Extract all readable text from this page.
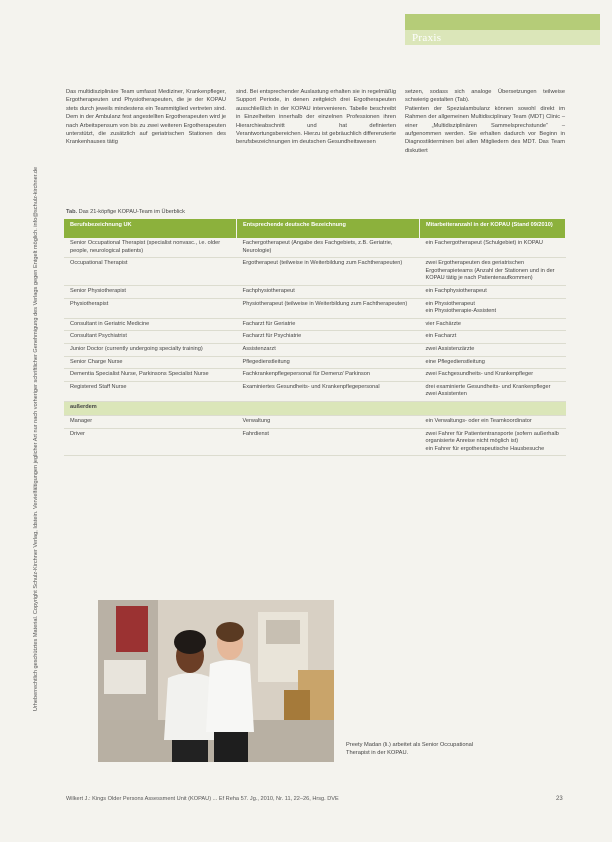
Urheberrechtlich geschütztes Material. Copyright Schulz-Kirchner Verlag, Idstein. Vervielfältigungen jeglicher Art nur nach vorheriger schriftlicher Genehmigung des Verlags gegen Entgelt möglich. info@schulz-kirchner.de
Praxis
Das multidisziplinäre Team umfasst Mediziner, Krankenpfleger, Ergotherapeuten und Physiotherapeuten, die je der KOPAU stets durch jeweils mindestens ein Teammitglied vertreten sind. Dem in der Ambulanz fest angestellten Ergotherapeuten wird je nach Arbeitspensum von bis zu zwei weiteren Ergotherapeuten unterstützt, die zusätzlich auf geriatrischen Stationen des Krankenhauses tätig
sind. Bei entsprechender Auslastung erhalten sie in regelmäßig Support Periode, in denen zeitgleich drei Ergotherapeuten ausschließlich in der KOPAU intervenieren. Tabelle beschreibt in Einzelheiten innerhalb der einzelnen Professionen ihren Hierarchieabschnitt und hat definierten Verantwortungsbereichen. Hierzu ist gebräuchlich differenzierte berufsbezeichnungen im deutschen Gesundheitswesen
setzen, sodass sich analoge Übersetzungen teilweise schwierig gestalten (Tab).
Patienten der Spezialambulanz können sowohl direkt im Rahmen der allgemeinen Multidisciplinary Team (MDT) Clinic – einer „Multidisziplinären Sammelsprechstunde“ – aufgenommen werden. Sie erhalten dadurch vor Beginn in Diagnostikterminen bei allen Mitgliedern des MDT. Das Team diskutiert
Tab. Das 21-köpfige KOPAU-Team im Überblick
Berufsbezeichnung UK	Entsprechende deutsche Bezeichnung	Mitarbeiteranzahl in der KOPAU (Stand 09/2010)
Senior Occupational Therapist (specialist nonvasc., i.e. older people, neurological patients)	Fachergotherapeut (Angabe des Fachgebiets, z.B. Geriatrie, Neurologie)	ein Fachergotherapeut (Schulgebiet) in KOPAU
Occupational Therapist	Ergotherapeut (teilweise in Weiterbildung zum Fachtherapeuten)	zwei Ergotherapeuten des geriatrischen Ergotherapieteams (Anzahl der Stationen und in der KOPAU tätig je nach Patientenaufkommen)
Senior Physiotherapist	Fachphysiotherapeut	ein Fachphysiotherapeut
Physiotherapist	Physiotherapeut (teilweise in Weiterbildung zum Fachtherapeuten)	ein Physiotherapeut
ein Physiotherapie-Assistent
Consultant in Geriatric Medicine	Facharzt für Geriatrie	vier Fachärzte
Consultant Psychiatrist	Facharzt für Psychiatrie	ein Facharzt
Junior Doctor (currently undergoing specialty training)	Assistenzarzt	zwei Assistenzärzte
Senior Charge Nurse	Pflegedienstleitung	eine Pflegedienstleitung
Dementia Specialist Nurse, Parkinsons Specialist Nurse	Fachkrankenpflegepersonal für Demenz/ Parkinson	zwei Fachgesundheits- und Krankenpfleger
Registered Staff Nurse	Examiniertes Gesundheits- und Krankenpflegepersonal	drei examinierte Gesundheits- und Krankenpfleger
zwei Assistenten
außerdem		
Manager	Verwaltung	ein Verwaltungs- oder ein Teamkoordinator
Driver	Fahrdienst	zwei Fahrer für Patiententransporte (sofern außerhalb organisierte Anreise nicht möglich ist)
ein Fahrer für ergotherapeutische Hausbesuche
Preety Madan (li.) arbeitet als Senior Occupational Therapist in der KOPAU.
Wilkert J.: Kings Older Persons Assessment Unit (KOPAU) ... Ef Reha 57. Jg., 2010, Nr. 11, 22–26, Hrsg. DVE	23
